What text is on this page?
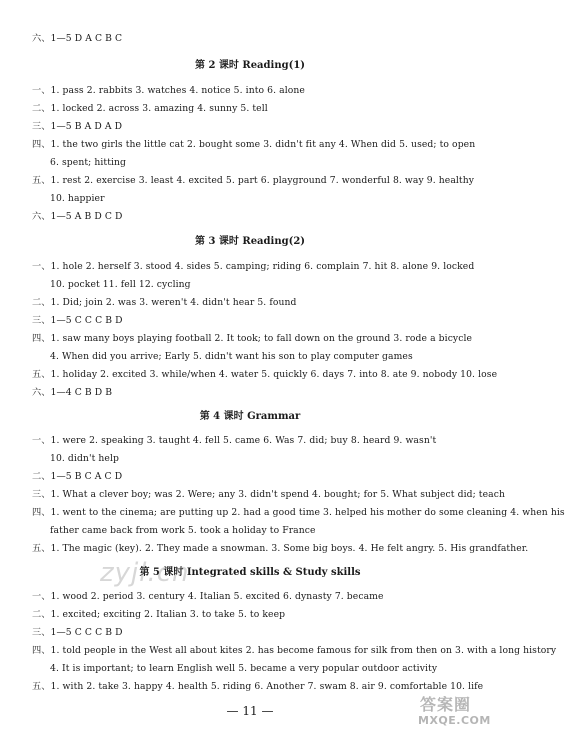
六、1—5 D A C B C
第 2 课时 Reading(1)
一、1. pass 2. rabbits 3. watches 4. notice 5. into 6. alone
二、1. locked 2. across 3. amazing 4. sunny 5. tell
三、1—5 B A D A D
四、1. the two girls the little cat 2. bought some 3. didn't fit any 4. When did 5. used; to open
6. spent; hitting
五、1. rest 2. exercise 3. least 4. excited 5. part 6. playground 7. wonderful 8. way 9. healthy
10. happier
六、1—5 A B D C D
第 3 课时 Reading(2)
一、1. hole 2. herself 3. stood 4. sides 5. camping; riding 6. complain 7. hit 8. alone 9. locked
10. pocket 11. fell 12. cycling
二、1. Did; join 2. was 3. weren't 4. didn't hear 5. found
三、1—5 C C C B D
四、1. saw many boys playing football 2. It took; to fall down on the ground 3. rode a bicycle
4. When did you arrive; Early 5. didn't want his son to play computer games
五、1. holiday 2. excited 3. while/when 4. water 5. quickly 6. days 7. into 8. ate 9. nobody 10. lose
六、1—4 C B D B
第 4 课时 Grammar
一、1. were 2. speaking 3. taught 4. fell 5. came 6. Was 7. did; buy 8. heard 9. wasn't
10. didn't help
二、1—5 B C A C D
三、1. What a clever boy; was 2. Were; any 3. didn't spend 4. bought; for 5. What subject did; teach
四、1. went to the cinema; are putting up 2. had a good time 3. helped his mother do some cleaning 4. when his
father came back from work 5. took a holiday to France
五、1. The magic (key). 2. They made a snowman. 3. Some big boys. 4. He felt angry. 5. His grandfather.
第 5 课时 Integrated skills & Study skills
一、1. wood 2. period 3. century 4. Italian 5. excited 6. dynasty 7. became
二、1. excited; exciting 2. Italian 3. to take 5. to keep
三、1—5 C C C B D
四、1. told people in the West all about kites 2. has become famous for silk from then on 3. with a long history
4. It is important; to learn English well 5. became a very popular outdoor activity
五、1. with 2. take 3. happy 4. health 5. riding 6. Another 7. swam 8. air 9. comfortable 10. life
— 11 —
zyjl.cn
答案圈
MXQE.COM
